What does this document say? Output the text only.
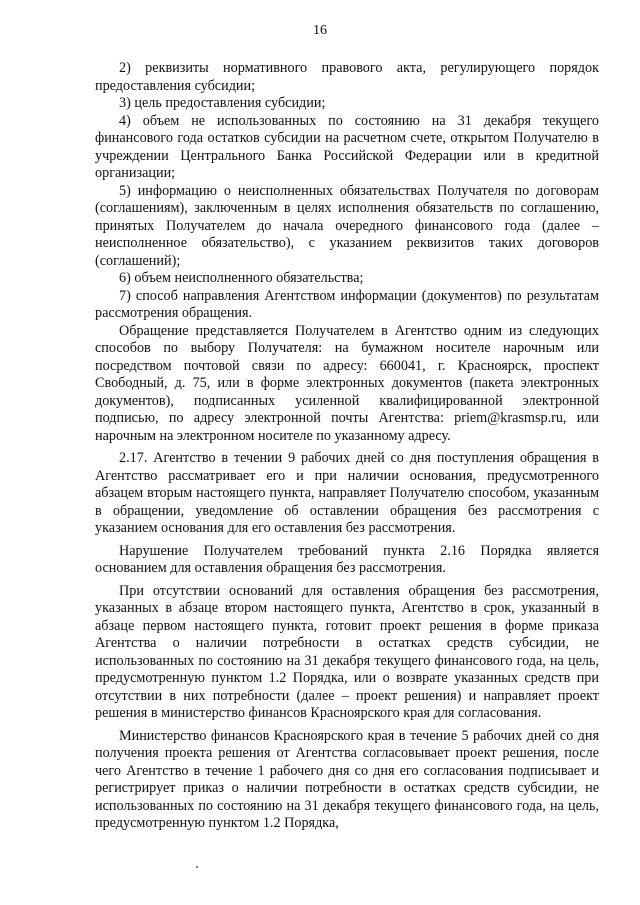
16

2) реквизиты нормативного правового акта, регулирующего порядок предоставления субсидии;

3) цель предоставления субсидии;

4) объем не использованных по состоянию на 31 декабря текущего финансового года остатков субсидии на расчетном счете, открытом Получателю в учреждении Центрального Банка Российской Федерации или в кредитной организации;

5) информацию о неисполненных обязательствах Получателя по договорам (соглашениям), заключенным в целях исполнения обязательств по соглашению, принятых Получателем до начала очередного финансового года (далее – неисполненное обязательство), с указанием реквизитов таких договоров (соглашений);

6) объем неисполненного обязательства;

7) способ направления Агентством информации (документов) по результатам рассмотрения обращения.

Обращение представляется Получателем в Агентство одним из следующих способов по выбору Получателя: на бумажном носителе нарочным или посредством почтовой связи по адресу: 660041, г. Красноярск, проспект Свободный, д. 75, или в форме электронных документов (пакета электронных документов), подписанных усиленной квалифицированной электронной подписью, по адресу электронной почты Агентства: priem@krasmsp.ru, или нарочным на электронном носителе по указанному адресу.

2.17. Агентство в течении 9 рабочих дней со дня поступления обращения в Агентство рассматривает его и при наличии основания, предусмотренного абзацем вторым настоящего пункта, направляет Получателю способом, указанным в обращении, уведомление об оставлении обращения без рассмотрения с указанием основания для его оставления без рассмотрения.

Нарушение Получателем требований пункта 2.16 Порядка является основанием для оставления обращения без рассмотрения.

При отсутствии оснований для оставления обращения без рассмотрения, указанных в абзаце втором настоящего пункта, Агентство в срок, указанный в абзаце первом настоящего пункта, готовит проект решения в форме приказа Агентства о наличии потребности в остатках средств субсидии, не использованных по состоянию на 31 декабря текущего финансового года, на цель, предусмотренную пунктом 1.2 Порядка, или о возврате указанных средств при отсутствии в них потребности (далее – проект решения) и направляет проект решения в министерство финансов Красноярского края для согласования.

Министерство финансов Красноярского края в течение 5 рабочих дней со дня получения проекта решения от Агентства согласовывает проект решения, после чего Агентство в течение 1 рабочего дня со дня его согласования подписывает и регистрирует приказ о наличии потребности в остатках средств субсидии, не использованных по состоянию на 31 декабря текущего финансового года, на цель, предусмотренную пунктом 1.2 Порядка,
